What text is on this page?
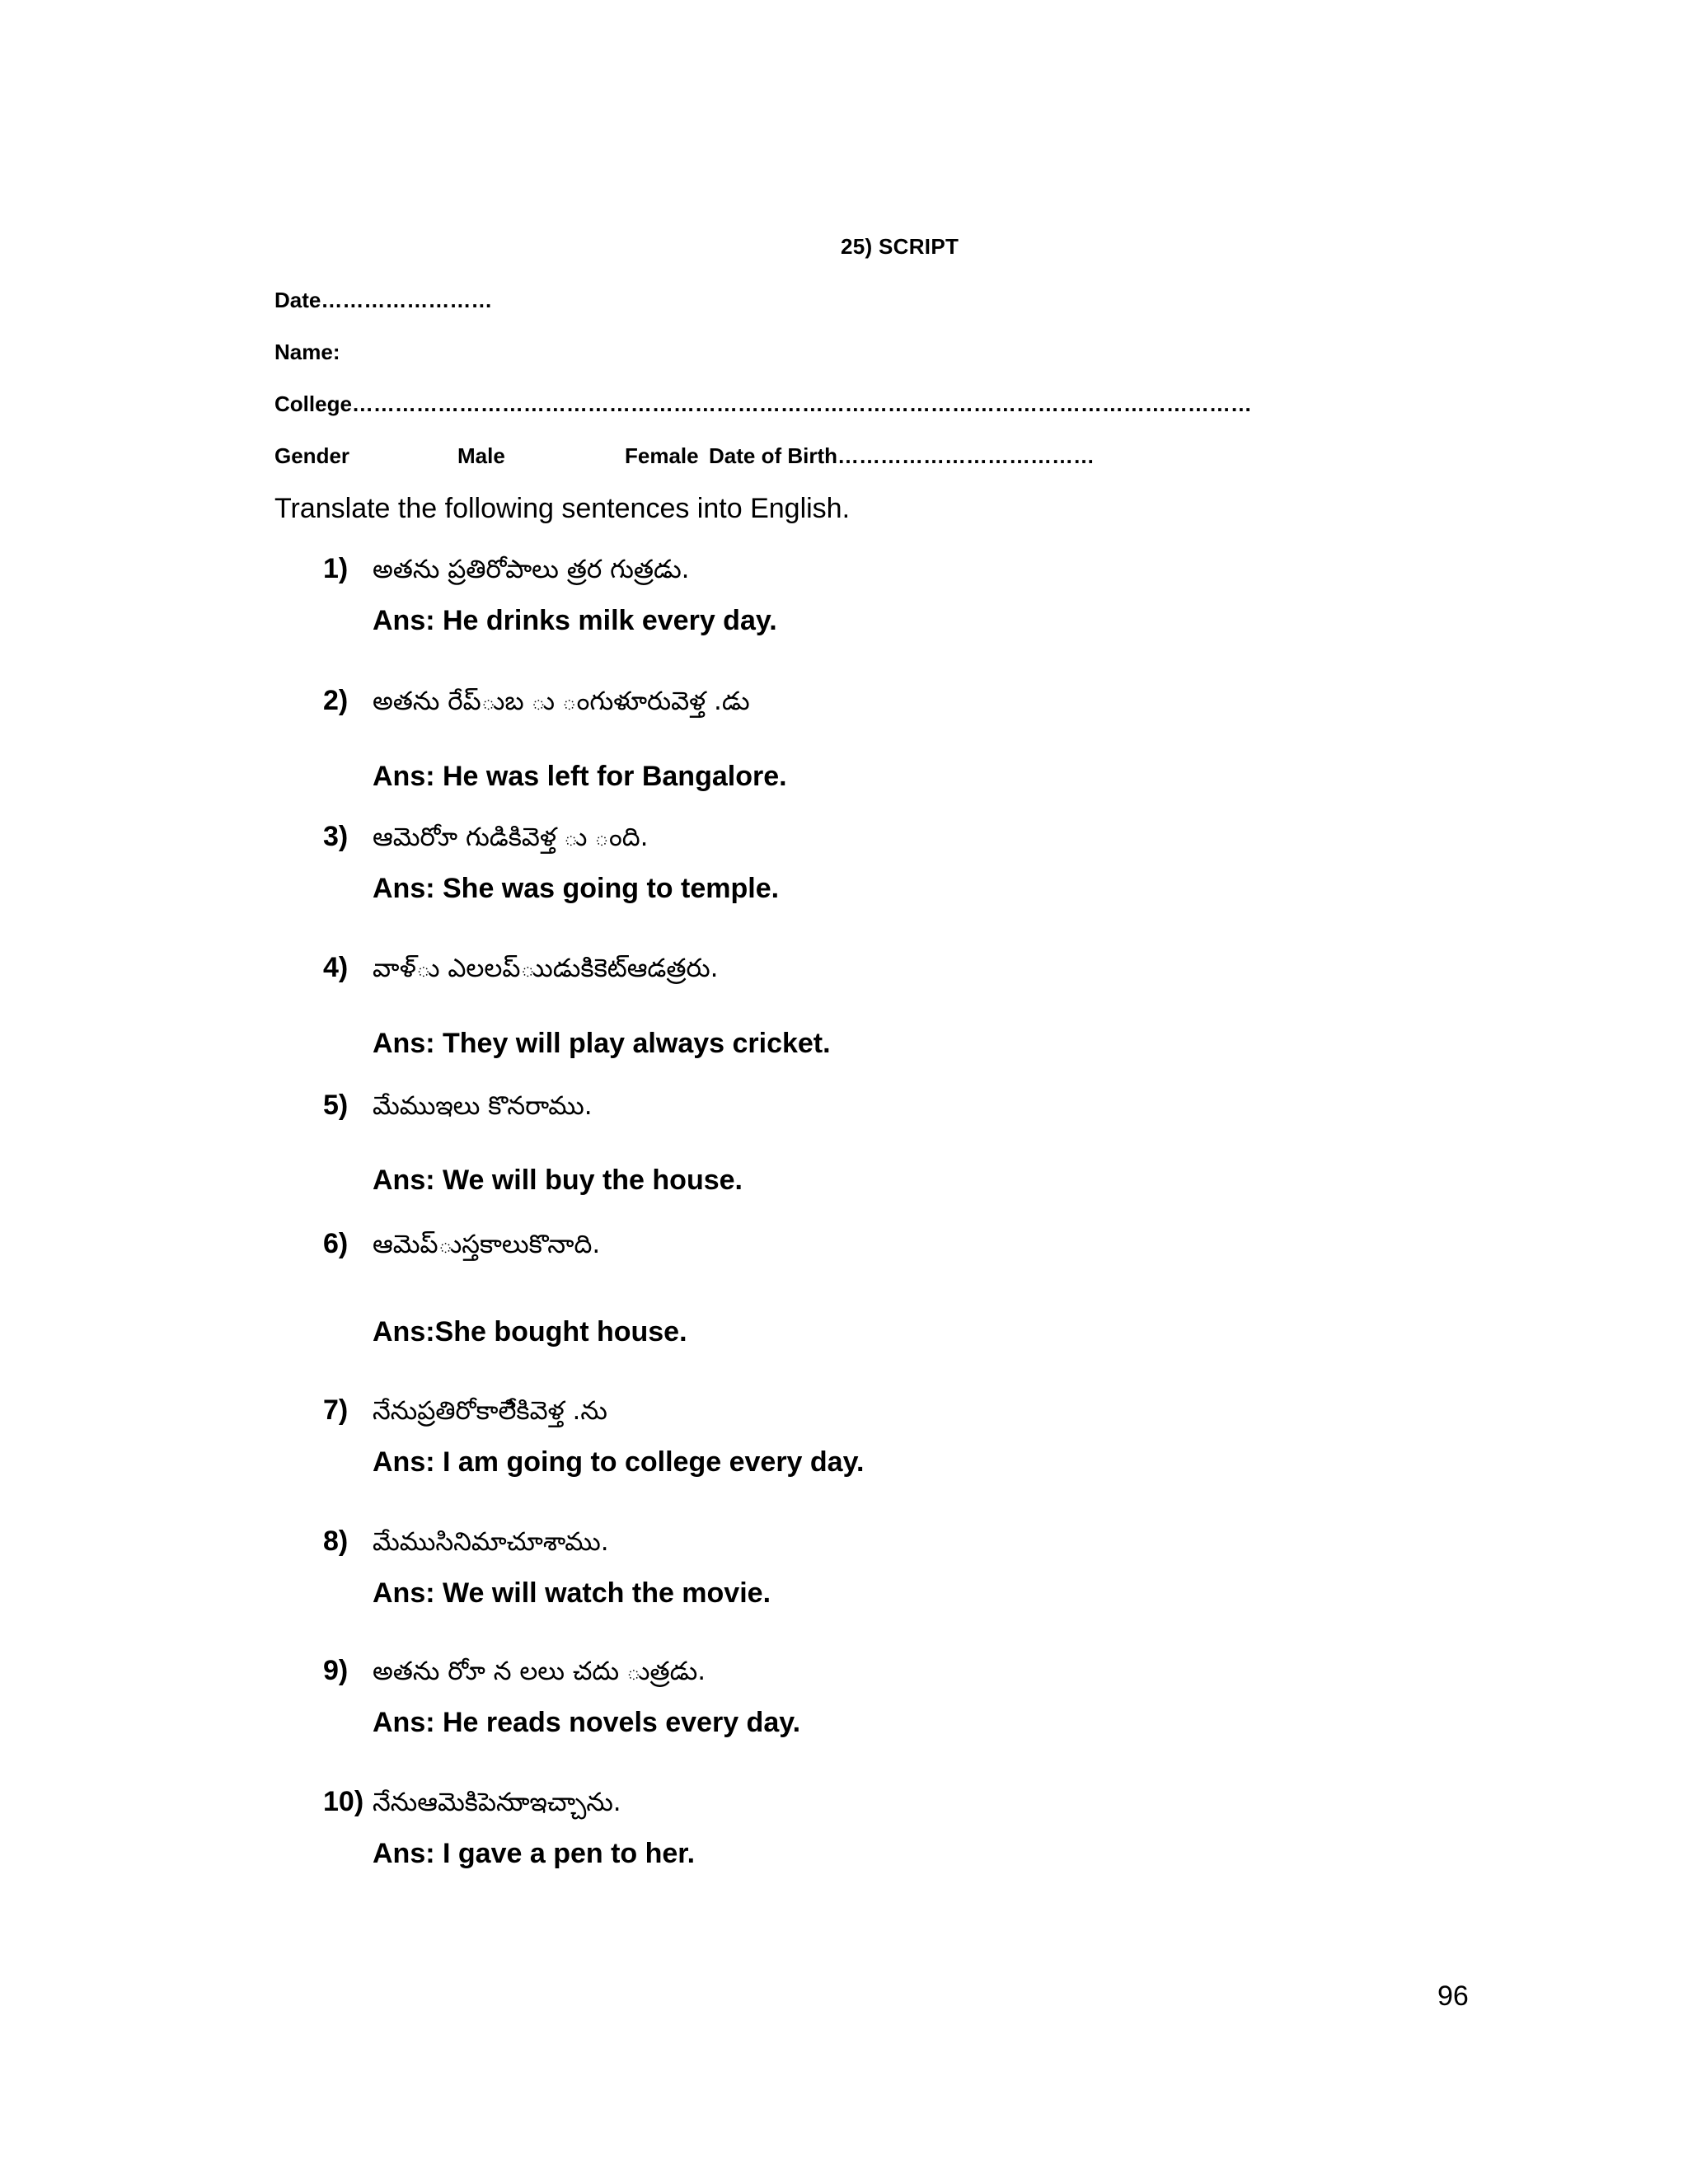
25) SCRIPT
Date……………………
Name:
College………………………………………………………………………………………………………………
Gender	Male	Female Date of Birth………………………………
Translate the following sentences into English.
1) అతను ప్రతిరోపాలు త్రర గుత్రడు.
Ans: He drinks milk every day.
2) అతను రేప్ుబ ు ంగుళూరువెళ్త .డు
Ans: He was left for Bangalore.
3) ఆమెరోూ గుడికివెళ్త ు ంది.
Ans: She was going to temple.
4) వాళ్ు ఎలలప్ుుడుకిికెట్ఆడత్రరు.
Ans: They will play always cricket.
5) మేముఇలు కొనరాము.
Ans: We will buy the house.
6) ఆమెప్ుస్తకాలుకొనాది.
Ans:She bought house.
7) నేనుప్రతిరోకాలేికివెళ్త .ను
Ans: I am going to college every day.
8) మేముసినిమాచూశాము.
Ans: We will watch the movie.
9) అతను రోూ న లలు చదు ుత్రడు.
Ans: He reads novels every day.
10) నేనుఆమెకిపెనుాఇచ్చాను.
Ans: I gave a pen to her.
96
